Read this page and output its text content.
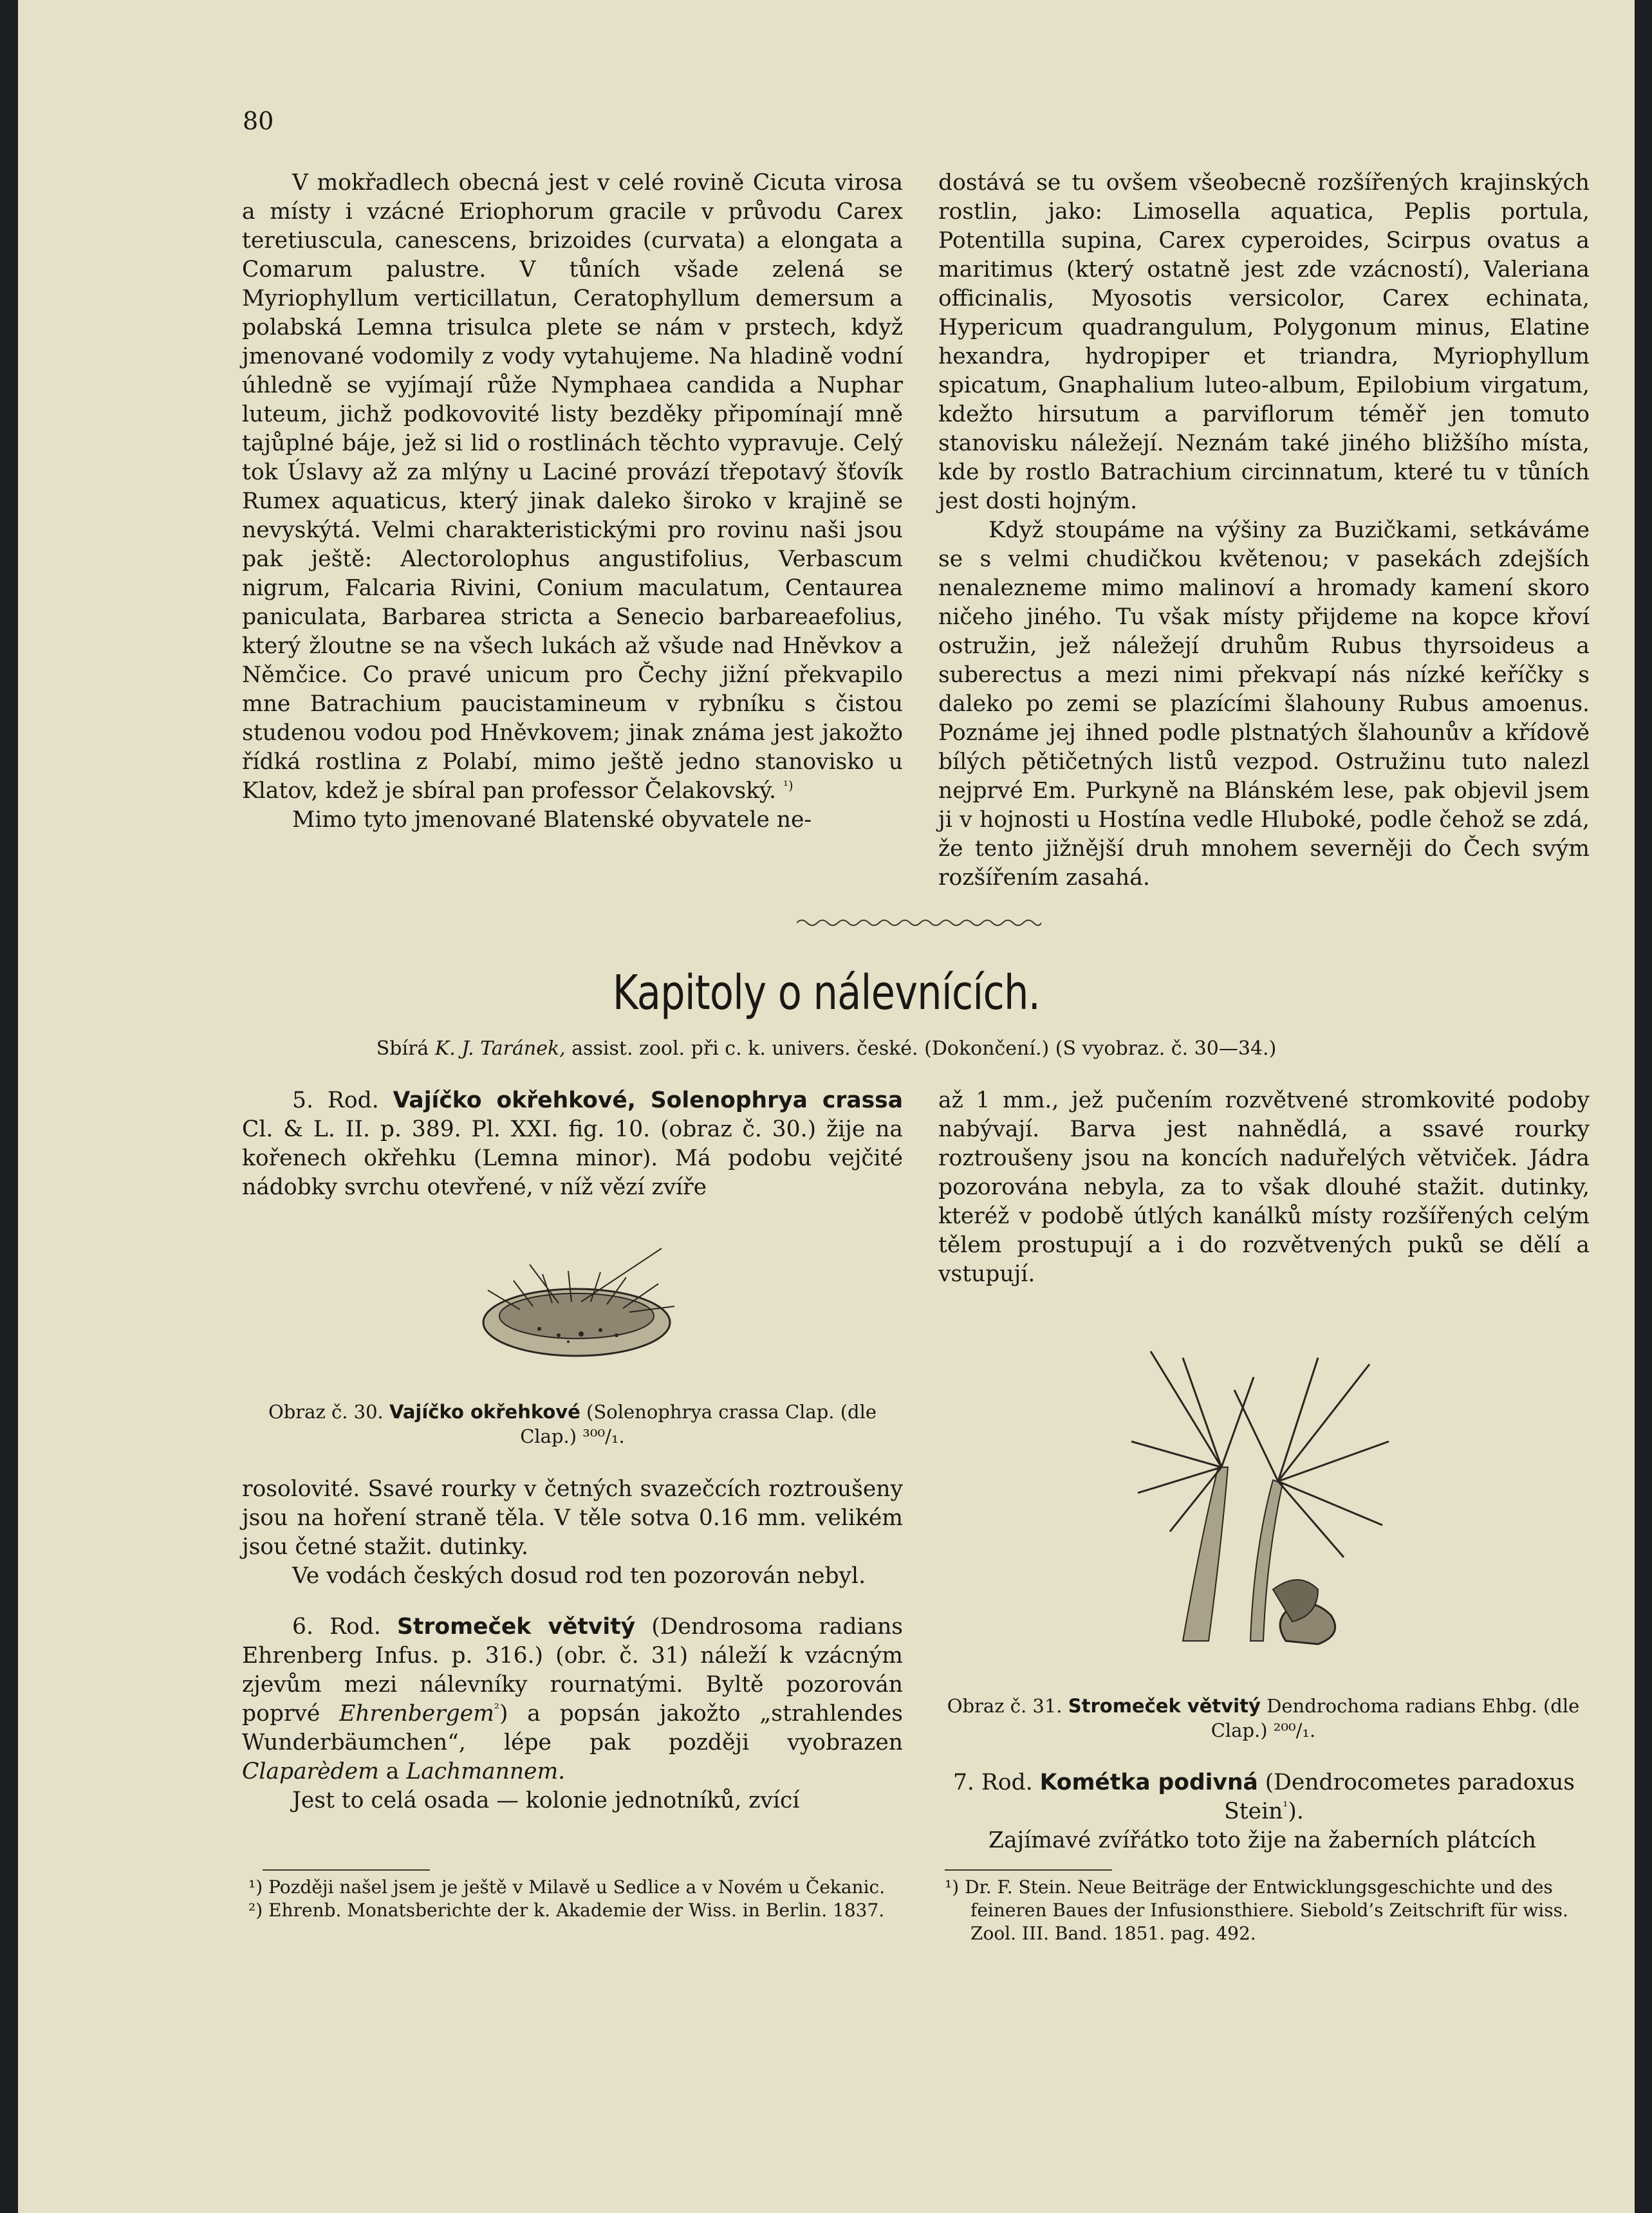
80

V mokřadlech obecná jest v celé rovině Cicuta virosa a místy i vzácné Eriophorum gracile v průvodu Carex teretiuscula, canescens, brizoides (curvata) a elongata a Comarum palustre. V tůních všade zelená se Myriophyllum verticillatun, Ceratophyllum demersum a polabská Lemna trisulca plete se nám v prstech, když jmenované vodomily z vody vytahujeme. Na hladině vodní úhledně se vyjímají růže Nymphaea candida a Nuphar luteum, jichž podkovovité listy bezděky připomínají mně tajůplné báje, jež si lid o rostlinách těchto vypravuje. Celý tok Úslavy až za mlýny u Laciné provází třepotavý šťovík Rumex aquaticus, který jinak daleko široko v krajině se nevyskýtá. Velmi charakteristickými pro rovinu naši jsou pak ještě: Alectorolophus angustifolius, Verbascum nigrum, Falcaria Rivini, Conium maculatum, Centaurea paniculata, Barbarea stricta a Senecio barbareaefolius, který žloutne se na všech lukách až všude nad Hněvkov a Němčice. Co pravé unicum pro Čechy jižní překvapilo mne Batrachium paucistamineum v rybníku s čistou studenou vodou pod Hněvkovem; jinak známa jest jakožto řídká rostlina z Polabí, mimo ještě jedno stanovisko u Klatov, kdež je sbíral pan professor Čelakovský. $^{^1)}$

Mimo tyto jmenované Blatenské obyvatele ne-

dostává se tu ovšem všeobecně rozšířených krajinských rostlin, jako: Limosella aquatica, Peplis portula, Potentilla supina, Carex cyperoides, Scirpus ovatus a maritimus (který ostatně jest zde vzácností), Valeriana officinalis, Myosotis versicolor, Carex echinata, Hypericum quadrangulum, Polygonum minus, Elatine hexandra, hydropiper et triandra, Myriophyllum spicatum, Gnaphalium luteo-album, Epilobium virgatum, kdežto hirsutum a parviflorum téměř jen tomuto stanovisku náležejí. Neznám také jiného bližšího místa, kde by rostlo Batrachium circinnatum, které tu v tůních jest dosti hojným.

Když stoupáme na výšiny za Buzičkami, setkáváme se s velmi chudičkou květenou; v pasekách zdejších nenalezneme mimo malinoví a hromady kamení skoro ničeho jiného. Tu však místy přijdeme na kopce křoví ostružin, jež náležejí druhům Rubus thyrsoideus a suberectus a mezi nimi překvapí nás nízké keříčky s daleko po zemi se plazícími šlahouny Rubus amoenus. Poznáme jej ihned podle plstnatých šlahounův a křídově bílých pětičetných listů vezpod. Ostružinu tuto nalezl nejprvé Em. Purkyně na Blánském lese, pak objevil jsem ji v hojnosti u Hostína vedle Hluboké, podle čehož se zdá, že tento jižnější druh mnohem severněji do Čech svým rozšířením zasahá.

Kapitoly o nálevnících.
Sbírá K. J. Taránek, assist. zool. při c. k. univers. české. (Dokončení.) (S vyobraz. č. 30—34.)

5. Rod. Vajíčko okřehkové, Solenophrya crassa Cl. & L. II. p. 389. Pl. XXI. fig. 10. (obraz č. 30.) žije na kořenech okřehku (Lemna minor). Má podobu vejčité nádobky svrchu otevřené, v níž vězí zvíře

Obraz č. 30. Vajíčko okřehkové (Solenophrya crassa Clap. (dle Clap.) ³⁰⁰/₁.

rosolovité. Ssavé rourky v četných svazečcích roztroušeny jsou na hoření straně těla. V těle sotva 0.16 mm. velikém jsou četné stažit. dutinky.

Ve vodách českých dosud rod ten pozorován nebyl.

6. Rod. Stromeček větvitý (Dendrosoma radians Ehrenberg Infus. p. 316.) (obr. č. 31) náleží k vzácným zjevům mezi nálevníky rournatými. Byltě pozorován poprvé Ehrenbergem$^{^2}$) a popsán jakožto „strahlendes Wunderbäumchen“, lépe pak později vyobrazen Claparèdem a Lachmannem.

Jest to celá osada — kolonie jednotníků, zvící

až 1 mm., jež pučením rozvětvené stromkovité podoby nabývají. Barva jest nahnědlá, a ssavé rourky roztroušeny jsou na koncích naduřelých větviček. Jádra pozorována nebyla, za to však dlouhé stažit. dutinky, kteréž v podobě útlých kanálků místy rozšířených celým tělem prostupují a i do rozvětvených puků se dělí a vstupují.

Obraz č. 31. Stromeček větvitý Dendrochoma radians Ehbg. (dle Clap.) ²⁰⁰/₁.

7. Rod. Kométka podivná (Dendrocometes paradoxus Stein$^{^1}$).

Zajímavé zvířátko toto žije na žaberních plátcích

¹) Později našel jsem je ještě v Milavě u Sedlice a v Novém u Čekanic.

²) Ehrenb. Monatsberichte der k. Akademie der Wiss. in Berlin. 1837.

¹) Dr. F. Stein. Neue Beiträge der Entwicklungsgeschichte und des feineren Baues der Infusionsthiere. Siebold’s Zeitschrift für wiss. Zool. III. Band. 1851. pag. 492.
